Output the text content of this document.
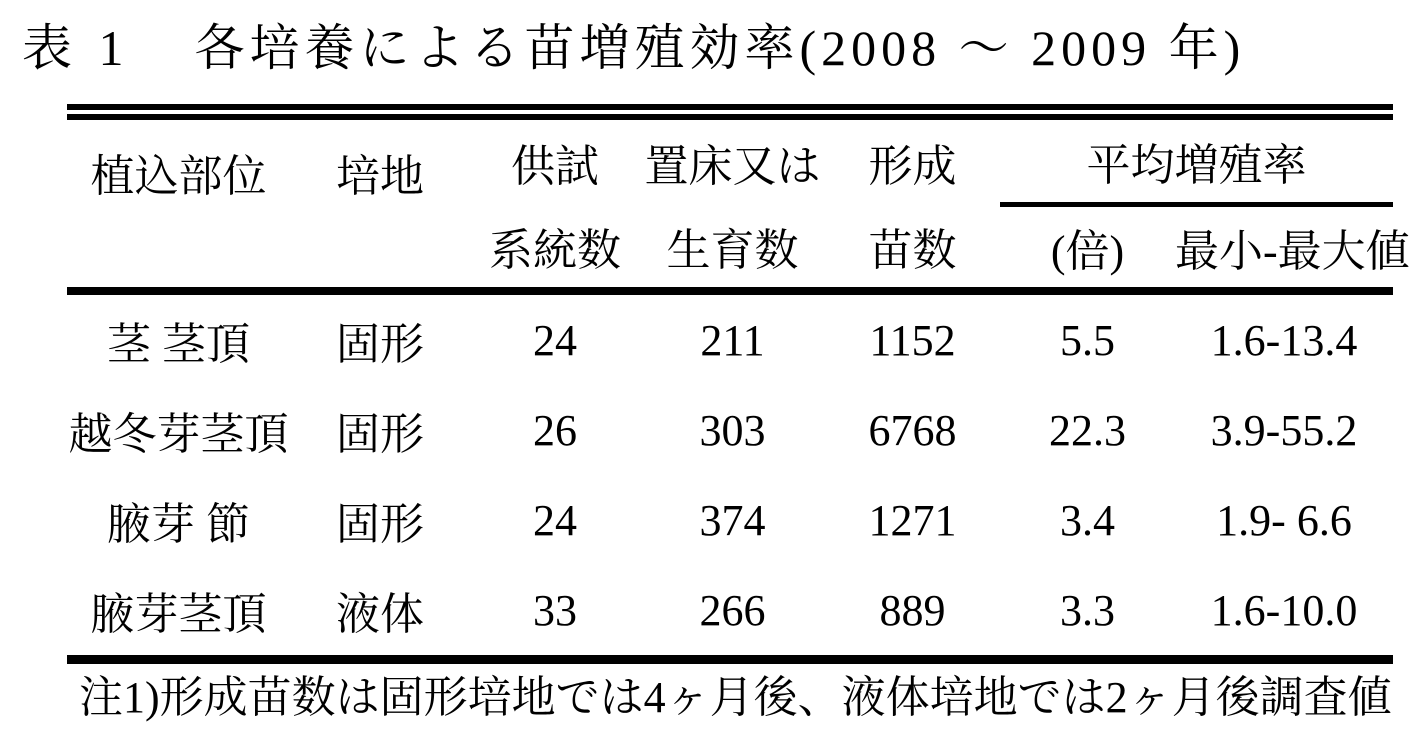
表 1 各培養による苗増殖効率(2008 〜 2009 年)
植込部位	培地	供試	置床又は	形成	平均増殖率	
		系統数	生育数	苗数	(倍)	最小-最大値
茎 茎頂	固形	24	211	1152	5.5	1.6-13.4
越冬芽茎頂	固形	26	303	6768	22.3	3.9-55.2
腋芽 節	固形	24	374	1271	3.4	1.9- 6.6
腋芽茎頂	液体	33	266	889	3.3	1.6-10.0
注1)形成苗数は固形培地では4ヶ月後、液体培地では2ヶ月後調査値
